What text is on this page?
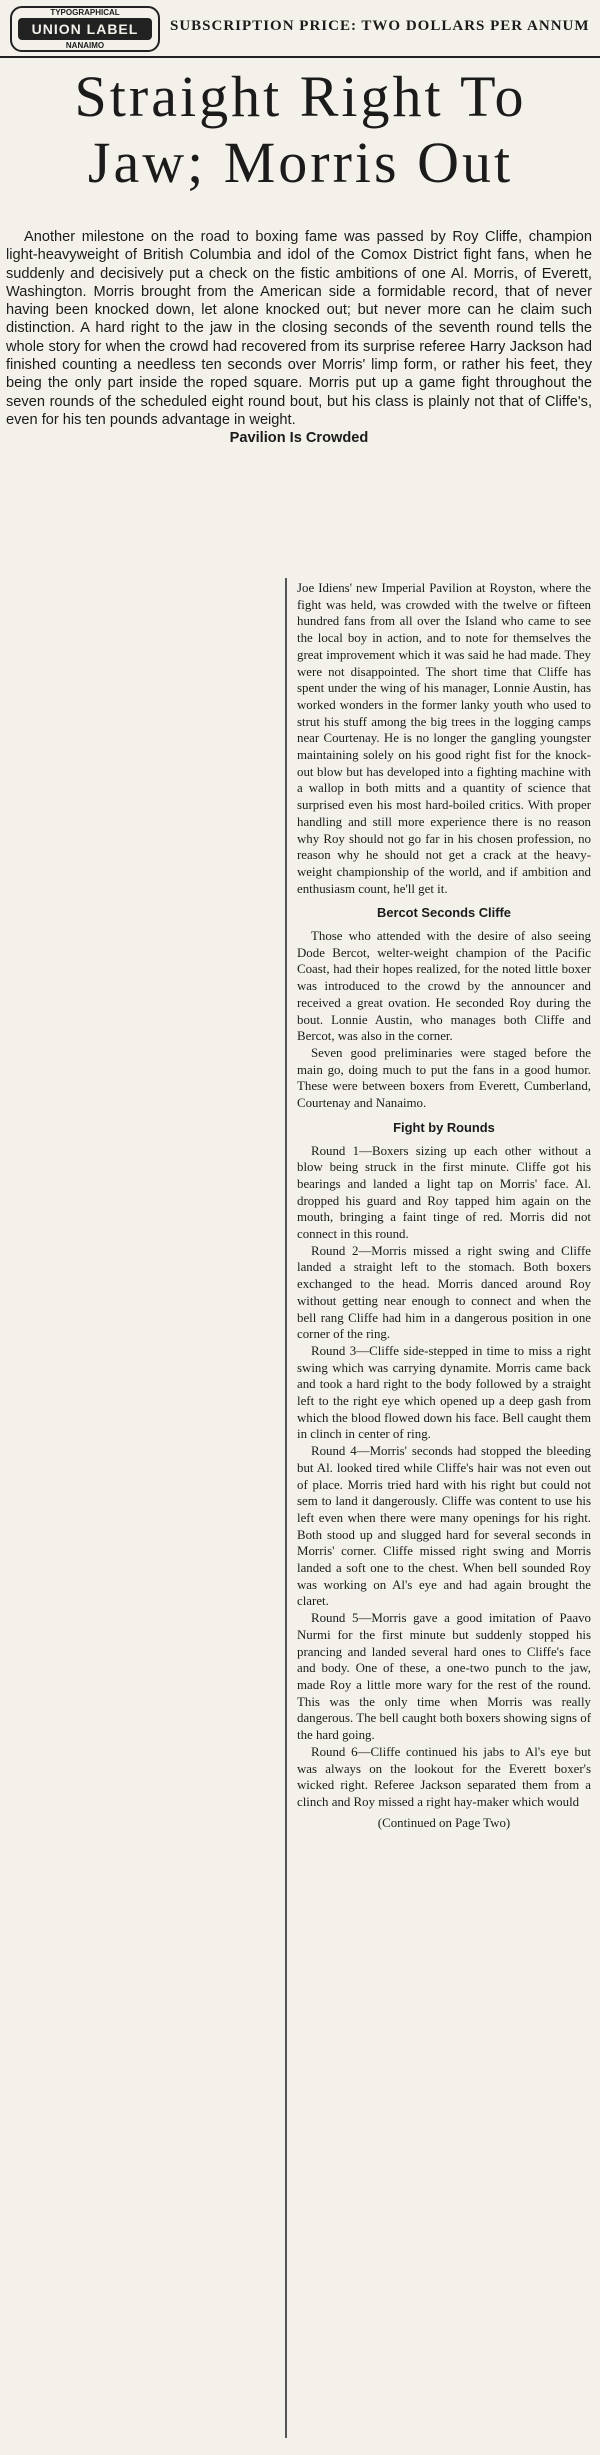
TYPOGRAPHICAL
UNION LABEL
NANAIMO
SUBSCRIPTION PRICE: TWO DOLLARS PER ANNUM
Straight Right To Jaw; Morris Out

Another milestone on the road to boxing fame was passed by Roy Cliffe, champion light-heavyweight of British Columbia and idol of the Comox District fight fans, when he suddenly and decisively put a check on the fistic ambitions of one Al. Morris, of Everett, Washington. Morris brought from the American side a formidable record, that of never having been knocked down, let alone knocked out; but never more can he claim such distinction. A hard right to the jaw in the closing seconds of the seventh round tells the whole story for when the crowd had recovered from its surprise referee Harry Jackson had finished counting a needless ten seconds over Morris' limp form, or rather his feet, they being the only part inside the roped square. Morris put up a game fight throughout the seven rounds of the scheduled eight round bout, but his class is plainly not that of Cliffe's, even for his ten pounds advantage in weight.

Pavilion Is Crowded

Joe Idiens' new Imperial Pavilion at Royston, where the fight was held, was crowded with the twelve or fifteen hundred fans from all over the Island who came to see the local boy in action, and to note for themselves the great improvement which it was said he had made. They were not disappointed. The short time that Cliffe has spent under the wing of his manager, Lonnie Austin, has worked wonders in the former lanky youth who used to strut his stuff among the big trees in the logging camps near Courtenay. He is no longer the gangling youngster maintaining solely on his good right fist for the knock-out blow but has developed into a fighting machine with a wallop in both mitts and a quantity of science that surprised even his most hard-boiled critics. With proper handling and still more experience there is no reason why Roy should not go far in his chosen profession, no reason why he should not get a crack at the heavy-weight championship of the world, and if ambition and enthusiasm count, he'll get it.

Bercot Seconds Cliffe

Those who attended with the desire of also seeing Dode Bercot, welter-weight champion of the Pacific Coast, had their hopes realized, for the noted little boxer was introduced to the crowd by the announcer and received a great ovation. He seconded Roy during the bout. Lonnie Austin, who manages both Cliffe and Bercot, was also in the corner.

Seven good preliminaries were staged before the main go, doing much to put the fans in a good humor. These were between boxers from Everett, Cumberland, Courtenay and Nanaimo.

Fight by Rounds

Round 1—Boxers sizing up each other without a blow being struck in the first minute. Cliffe got his bearings and landed a light tap on Morris' face. Al. dropped his guard and Roy tapped him again on the mouth, bringing a faint tinge of red. Morris did not connect in this round.

Round 2—Morris missed a right swing and Cliffe landed a straight left to the stomach. Both boxers exchanged to the head. Morris danced around Roy without getting near enough to connect and when the bell rang Cliffe had him in a dangerous position in one corner of the ring.

Round 3—Cliffe side-stepped in time to miss a right swing which was carrying dynamite. Morris came back and took a hard right to the body followed by a straight left to the right eye which opened up a deep gash from which the blood flowed down his face. Bell caught them in clinch in center of ring.

Round 4—Morris' seconds had stopped the bleeding but Al. looked tired while Cliffe's hair was not even out of place. Morris tried hard with his right but could not sem to land it dangerously. Cliffe was content to use his left even when there were many openings for his right. Both stood up and slugged hard for several seconds in Morris' corner. Cliffe missed right swing and Morris landed a soft one to the chest. When bell sounded Roy was working on Al's eye and had again brought the claret.

Round 5—Morris gave a good imitation of Paavo Nurmi for the first minute but suddenly stopped his prancing and landed several hard ones to Cliffe's face and body. One of these, a one-two punch to the jaw, made Roy a little more wary for the rest of the round. This was the only time when Morris was really dangerous. The bell caught both boxers showing signs of the hard going.

Round 6—Cliffe continued his jabs to Al's eye but was always on the lookout for the Everett boxer's wicked right. Referee Jackson separated them from a clinch and Roy missed a right hay-maker which would

(Continued on Page Two)
